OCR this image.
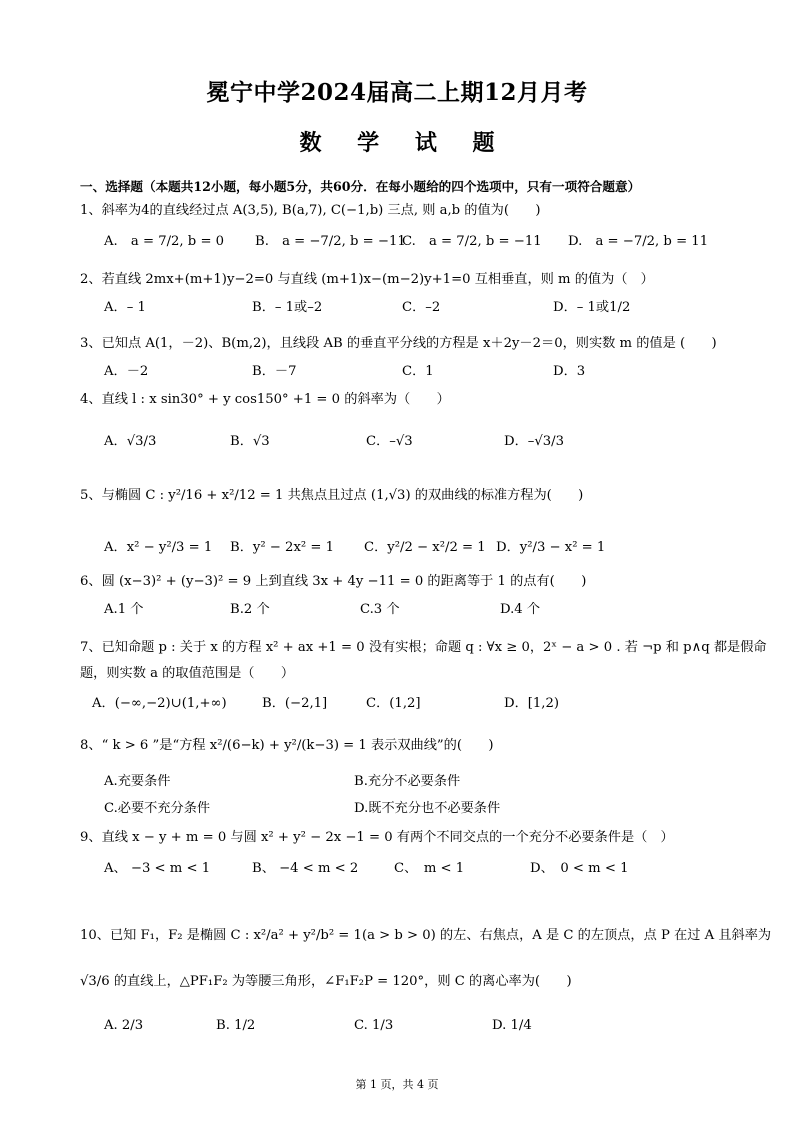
冕宁中学2024届高二上期12月月考
数 学 试 题
一、选择题（本题共12小题，每小题5分，共60分．在每小题给的四个选项中，只有一项符合题意）
1、斜率为4的直线经过点 A(3,5), B(a,7), C(−1,b) 三点, 则 a,b 的值为(　　)
A.　a = 7/2, b = 0 B.　a = −7/2, b = −11
C.　a = 7/2, b = −11 D.　a = −7/2, b = 11
2、若直线 2mx+(m+1)y−2=0 与直线 (m+1)x−(m−2)y+1=0 互相垂直，则 m 的值为（　）
A．– 1	B．– 1或–2	C．–2	D．– 1或1/2
3、已知点 A(1，－2)、B(m,2)，且线段 AB 的垂直平分线的方程是 x＋2y－2＝0，则实数 m 的值是 (　　)
A．－2	B．－7	C．1	D．3
4、直线 l : x sin30° + y cos150° +1 = 0 的斜率为（　　）
A．√3/3	B．√3	C．–√3	D．–√3/3
5、与椭圆 C : y²/16 + x²/12 = 1 共焦点且过点 (1,√3) 的双曲线的标准方程为(　　)
A．x² − y²/3 = 1 B．y² − 2x² = 1 C．y²/2 − x²/2 = 1 D．y²/3 − x² = 1
6、圆 (x−3)² + (y−3)² = 9 上到直线 3x + 4y −11 = 0 的距离等于 1 的点有(　　)
A.1 个	B.2 个	C.3 个	D.4 个
7、已知命题 p : 关于 x 的方程 x² + ax +1 = 0 没有实根；命题 q : ∀x ≥ 0，2ˣ − a > 0 . 若 ¬p 和 p∧q 都是假命
题，则实数 a 的取值范围是（　　）
A．(−∞,−2)∪(1,+∞)	B．(−2,1]	C．(1,2]	D．[1,2)
8、“ k > 6 ”是“方程 x²/(6−k) + y²/(k−3) = 1 表示双曲线”的(　　)
A.充要条件	B.充分不必要条件
C.必要不充分条件	D.既不充分也不必要条件
9、直线 x − y + m = 0 与圆 x² + y² − 2x −1 = 0 有两个不同交点的一个充分不必要条件是（　）
A、 −3 < m < 1	B、 −4 < m < 2	C、　m < 1	D、　0 < m < 1
10、已知 F₁，F₂ 是椭圆 C : x²/a² + y²/b² = 1(a > b > 0) 的左、右焦点，A 是 C 的左顶点，点 P 在过 A 且斜率为
√3/6 的直线上，△PF₁F₂ 为等腰三角形，∠F₁F₂P = 120°，则 C 的离心率为(　　)
A. 2/3	B. 1/2	C. 1/3	D. 1/4
第 1 页，共 4 页
